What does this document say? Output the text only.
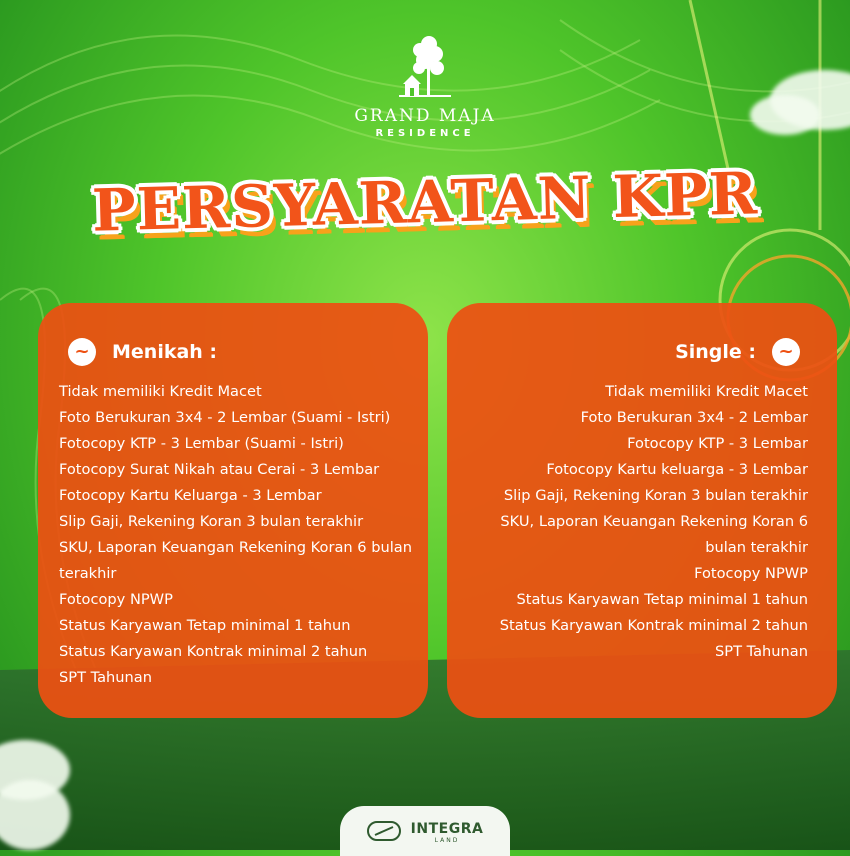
GRAND MAJA
RESIDENCE
PERSYARATAN KPR
~	Menikah :
Tidak memiliki Kredit Macet
Foto Berukuran 3x4 - 2 Lembar (Suami - Istri)
Fotocopy KTP - 3 Lembar (Suami - Istri)
Fotocopy Surat Nikah atau Cerai - 3 Lembar
Fotocopy Kartu Keluarga - 3 Lembar
Slip Gaji, Rekening Koran 3 bulan terakhir
SKU, Laporan Keuangan Rekening Koran 6 bulan terakhir
Fotocopy NPWP
Status Karyawan Tetap minimal 1 tahun
Status Karyawan Kontrak minimal 2 tahun
SPT Tahunan
Single :	~
Tidak memiliki Kredit Macet
Foto Berukuran 3x4 - 2 Lembar
Fotocopy KTP - 3 Lembar
Fotocopy Kartu keluarga - 3 Lembar
Slip Gaji, Rekening Koran 3 bulan terakhir
SKU, Laporan Keuangan Rekening Koran 6 bulan terakhir
Fotocopy NPWP
Status Karyawan Tetap minimal 1 tahun
Status Karyawan Kontrak minimal 2 tahun
SPT Tahunan
INTEGRA
LAND
